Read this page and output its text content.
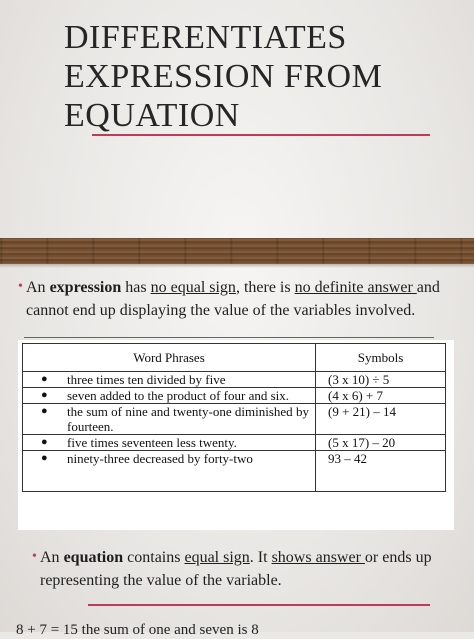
DIFFERENTIATES
EXPRESSION FROM
EQUATION
• An expression has no equal sign, there is no definite answer and cannot end up displaying the value of the variables involved.
Word Phrases	Symbols

● three times ten divided by five	(3 x 10) ÷ 5

● seven added to the product of four and six.	(4 x 6) + 7

● the sum of nine and twenty-one diminished by fourteen.	(9 + 21) – 14

● five times seventeen less twenty.	(5 x 17) – 20

● ninety-three decreased by forty-two	93 – 42
• An equation contains equal sign. It shows answer or ends up representing the value of the variable.
8 + 7 = 15 the sum of one and seven is 8
